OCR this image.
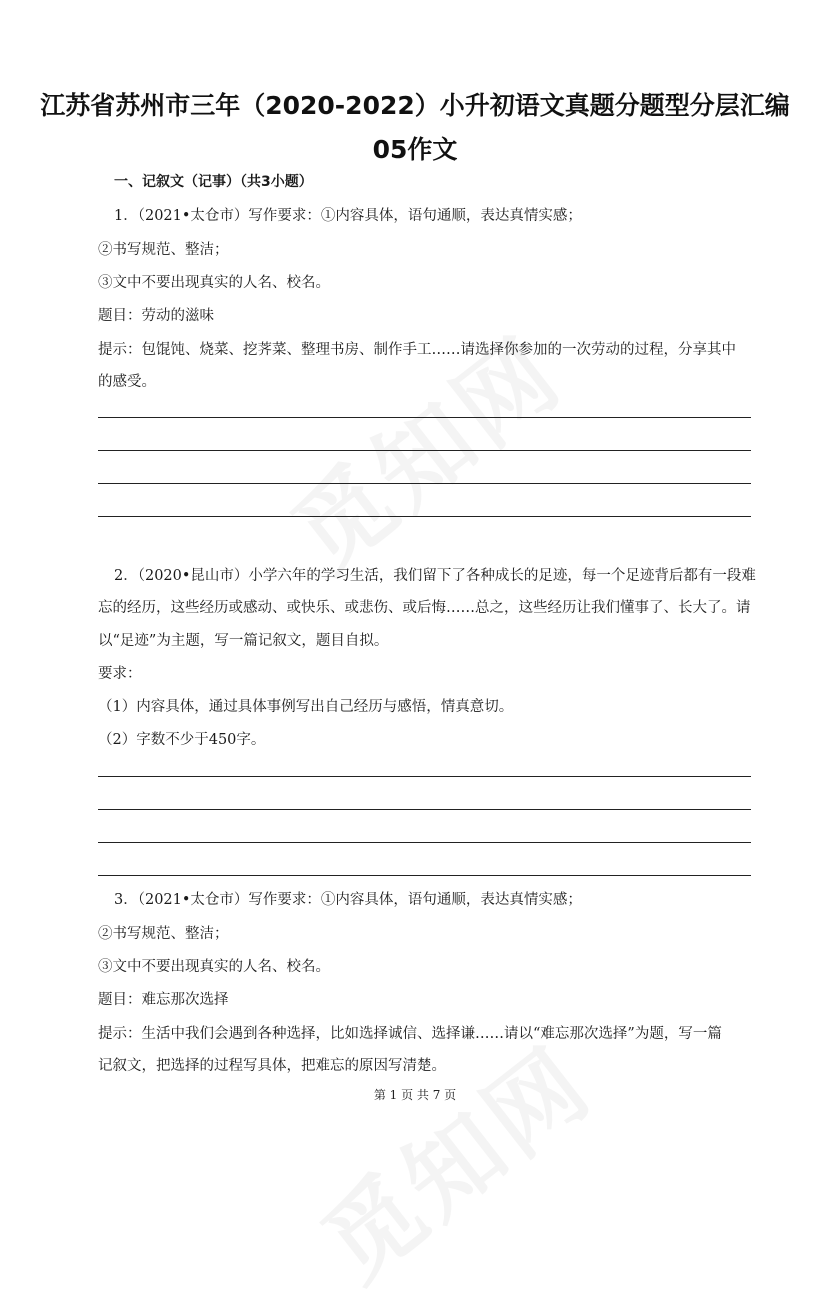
江苏省苏州市三年（2020-2022）小升初语文真题分题型分层汇编
05作文
一、记叙文（记事）（共3小题）
1．（2021•太仓市）写作要求：①内容具体，语句通顺，表达真情实感；
②书写规范、整洁；
③文中不要出现真实的人名、校名。
题目：劳动的滋味
提示：包馄饨、烧菜、挖荠菜、整理书房、制作手工……请选择你参加的一次劳动的过程，分享其中
的感受。
2．（2020•昆山市）小学六年的学习生活，我们留下了各种成长的足迹，每一个足迹背后都有一段难
忘的经历，这些经历或感动、或快乐、或悲伤、或后悔……总之，这些经历让我们懂事了、长大了。请
以“足迹”为主题，写一篇记叙文，题目自拟。
要求：
（1）内容具体，通过具体事例写出自己经历与感悟，情真意切。
（2）字数不少于450字。
3．（2021•太仓市）写作要求：①内容具体，语句通顺，表达真情实感；
②书写规范、整洁；
③文中不要出现真实的人名、校名。
题目：难忘那次选择
提示：生活中我们会遇到各种选择，比如选择诚信、选择谦……请以“难忘那次选择”为题，写一篇
记叙文，把选择的过程写具体，把难忘的原因写清楚。
第 1 页 共 7 页
